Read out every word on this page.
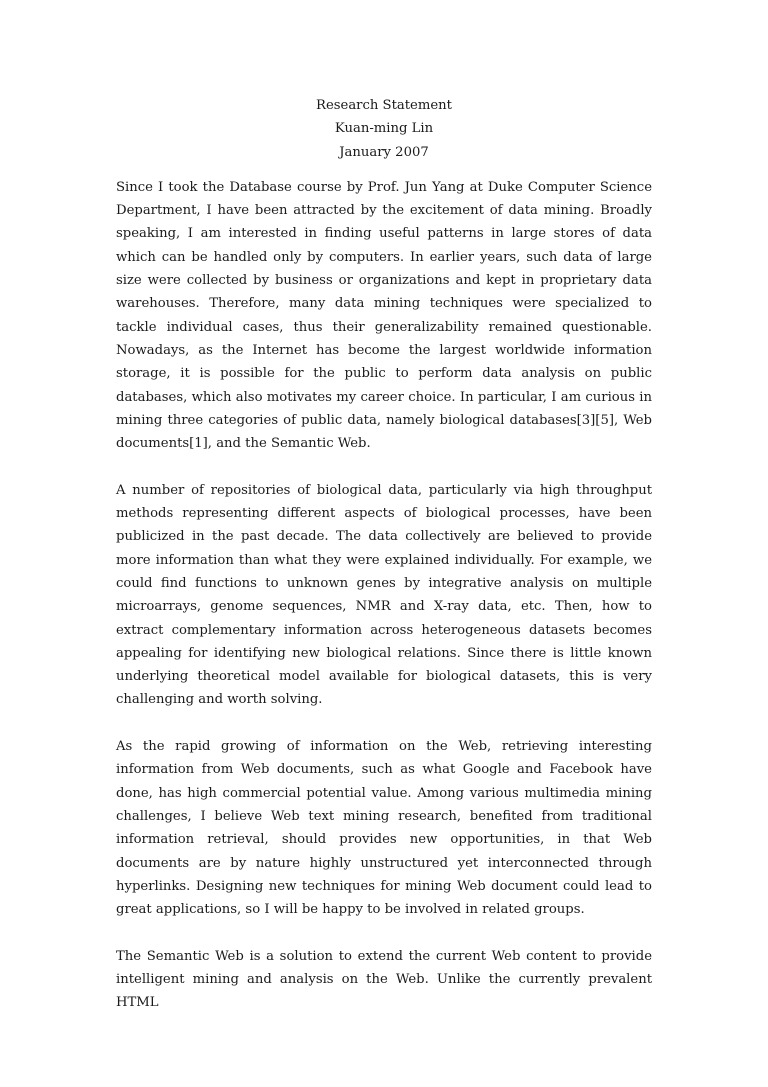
Research Statement
Kuan-ming Lin
January 2007

Since I took the Database course by Prof. Jun Yang at Duke Computer Science Department, I have been attracted by the excitement of data mining. Broadly speaking, I am interested in finding useful patterns in large stores of data which can be handled only by computers. In earlier years, such data of large size were collected by business or organizations and kept in proprietary data warehouses. Therefore, many data mining techniques were specialized to tackle individual cases, thus their generalizability remained questionable. Nowadays, as the Internet has become the largest worldwide information storage, it is possible for the public to perform data analysis on public databases, which also motivates my career choice. In particular, I am curious in mining three categories of public data, namely biological databases[3][5], Web documents[1], and the Semantic Web.

A number of repositories of biological data, particularly via high throughput methods representing different aspects of biological processes, have been publicized in the past decade. The data collectively are believed to provide more information than what they were explained individually. For example, we could find functions to unknown genes by integrative analysis on multiple microarrays, genome sequences, NMR and X-ray data, etc. Then, how to extract complementary information across heterogeneous datasets becomes appealing for identifying new biological relations. Since there is little known underlying theoretical model available for biological datasets, this is very challenging and worth solving.

As the rapid growing of information on the Web, retrieving interesting information from Web documents, such as what Google and Facebook have done, has high commercial potential value. Among various multimedia mining challenges, I believe Web text mining research, benefited from traditional information retrieval, should provides new opportunities, in that Web documents are by nature highly unstructured yet interconnected through hyperlinks. Designing new techniques for mining Web document could lead to great applications, so I will be happy to be involved in related groups.

The Semantic Web is a solution to extend the current Web content to provide intelligent mining and analysis on the Web. Unlike the currently prevalent HTML
